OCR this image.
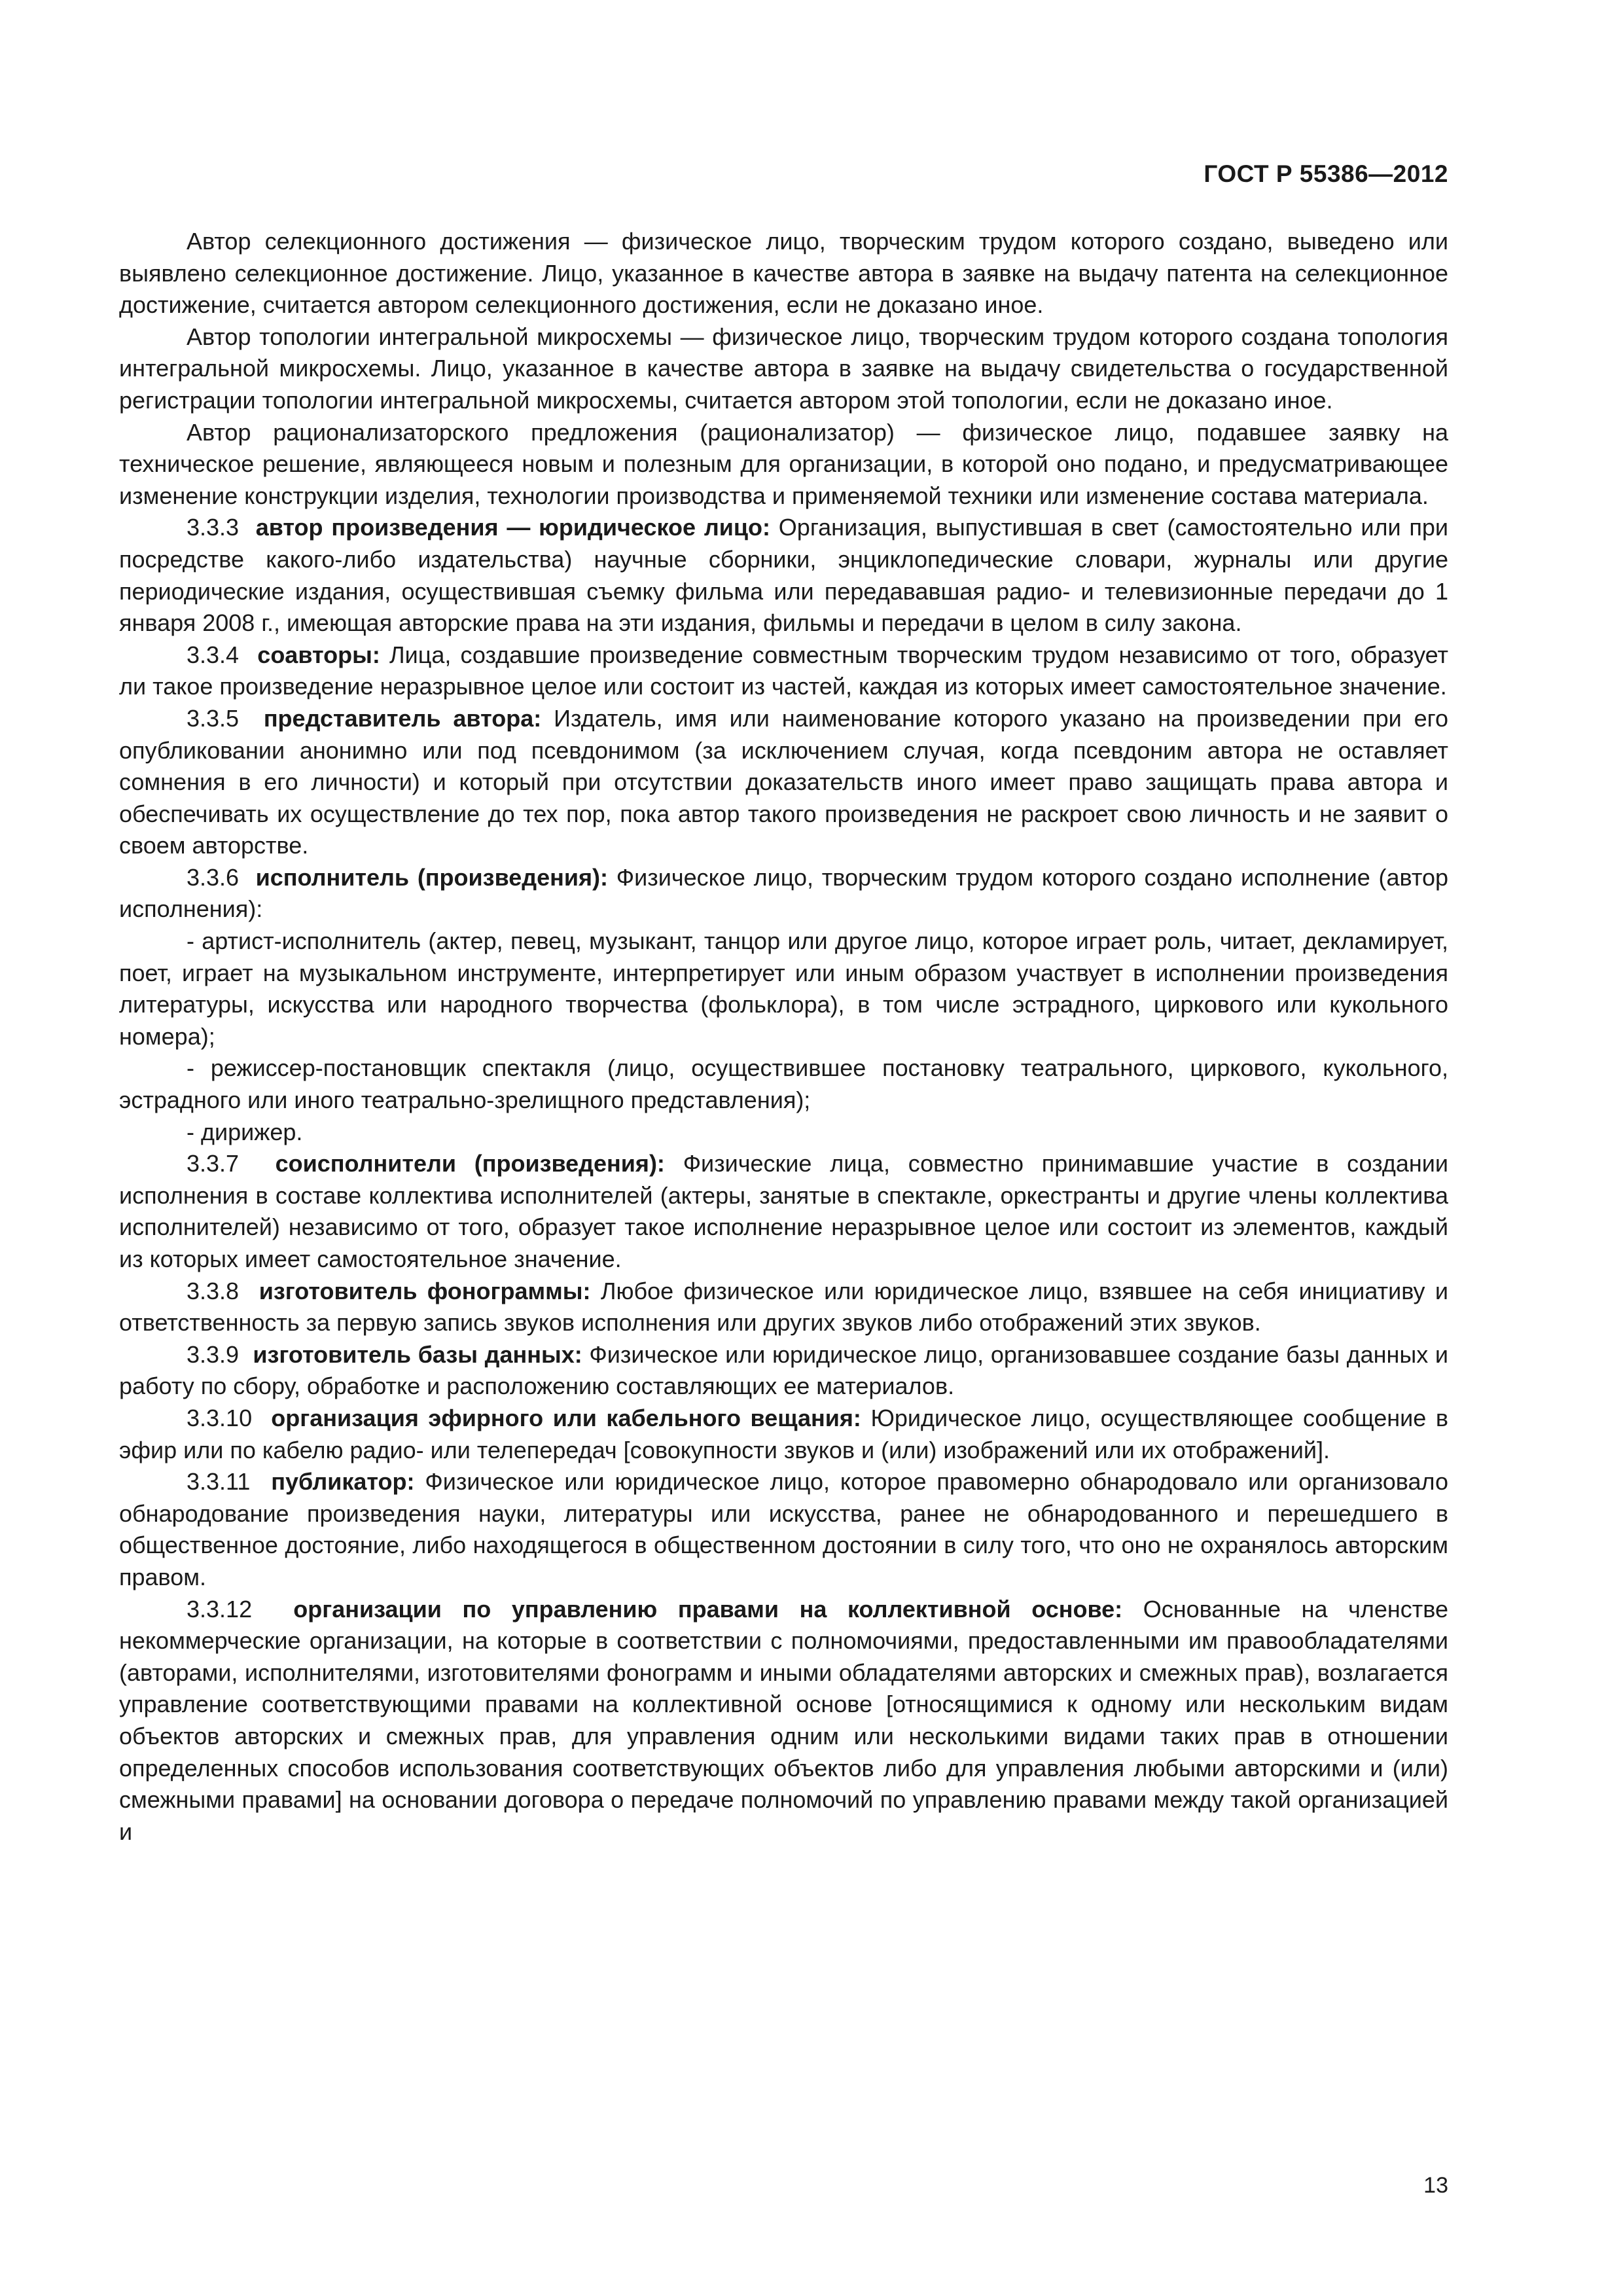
ГОСТ Р 55386—2012

Автор селекционного достижения — физическое лицо, творческим трудом которого создано, выведено или выявлено селекционное достижение. Лицо, указанное в качестве автора в заявке на выдачу патента на селекционное достижение, считается автором селекционного достижения, если не доказано иное.

Автор топологии интегральной микросхемы — физическое лицо, творческим трудом которого создана топология интегральной микросхемы. Лицо, указанное в качестве автора в заявке на выдачу свидетельства о государственной регистрации топологии интегральной микросхемы, считается автором этой топологии, если не доказано иное.

Автор рационализаторского предложения (рационализатор) — физическое лицо, подавшее заявку на техническое решение, являющееся новым и полезным для организации, в которой оно подано, и предусматривающее изменение конструкции изделия, технологии производства и применяемой техники или изменение состава материала.

3.3.3 автор произведения — юридическое лицо: Организация, выпустившая в свет (самостоятельно или при посредстве какого-либо издательства) научные сборники, энциклопедические словари, журналы или другие периодические издания, осуществившая съемку фильма или передававшая радио- и телевизионные передачи до 1 января 2008 г., имеющая авторские права на эти издания, фильмы и передачи в целом в силу закона.

3.3.4 соавторы: Лица, создавшие произведение совместным творческим трудом независимо от того, образует ли такое произведение неразрывное целое или состоит из частей, каждая из которых имеет самостоятельное значение.

3.3.5 представитель автора: Издатель, имя или наименование которого указано на произведении при его опубликовании анонимно или под псевдонимом (за исключением случая, когда псевдоним автора не оставляет сомнения в его личности) и который при отсутствии доказательств иного имеет право защищать права автора и обеспечивать их осуществление до тех пор, пока автор такого произведения не раскроет свою личность и не заявит о своем авторстве.

3.3.6 исполнитель (произведения): Физическое лицо, творческим трудом которого создано исполнение (автор исполнения):

- артист-исполнитель (актер, певец, музыкант, танцор или другое лицо, которое играет роль, читает, декламирует, поет, играет на музыкальном инструменте, интерпретирует или иным образом участвует в исполнении произведения литературы, искусства или народного творчества (фольклора), в том числе эстрадного, циркового или кукольного номера);

- режиссер-постановщик спектакля (лицо, осуществившее постановку театрального, циркового, кукольного, эстрадного или иного театрально-зрелищного представления);

- дирижер.

3.3.7 соисполнители (произведения): Физические лица, совместно принимавшие участие в создании исполнения в составе коллектива исполнителей (актеры, занятые в спектакле, оркестранты и другие члены коллектива исполнителей) независимо от того, образует такое исполнение неразрывное целое или состоит из элементов, каждый из которых имеет самостоятельное значение.

3.3.8 изготовитель фонограммы: Любое физическое или юридическое лицо, взявшее на себя инициативу и ответственность за первую запись звуков исполнения или других звуков либо отображений этих звуков.

3.3.9 изготовитель базы данных: Физическое или юридическое лицо, организовавшее создание базы данных и работу по сбору, обработке и расположению составляющих ее материалов.

3.3.10 организация эфирного или кабельного вещания: Юридическое лицо, осуществляющее сообщение в эфир или по кабелю радио- или телепередач [совокупности звуков и (или) изображений или их отображений].

3.3.11 публикатор: Физическое или юридическое лицо, которое правомерно обнародовало или организовало обнародование произведения науки, литературы или искусства, ранее не обнародованного и перешедшего в общественное достояние, либо находящегося в общественном достоянии в силу того, что оно не охранялось авторским правом.

3.3.12 организации по управлению правами на коллективной основе: Основанные на членстве некоммерческие организации, на которые в соответствии с полномочиями, предоставленными им правообладателями (авторами, исполнителями, изготовителями фонограмм и иными обладателями авторских и смежных прав), возлагается управление соответствующими правами на коллективной основе [относящимися к одному или нескольким видам объектов авторских и смежных прав, для управления одним или несколькими видами таких прав в отношении определенных способов использования соответствующих объектов либо для управления любыми авторскими и (или) смежными правами] на основании договора о передаче полномочий по управлению правами между такой организацией и

13
